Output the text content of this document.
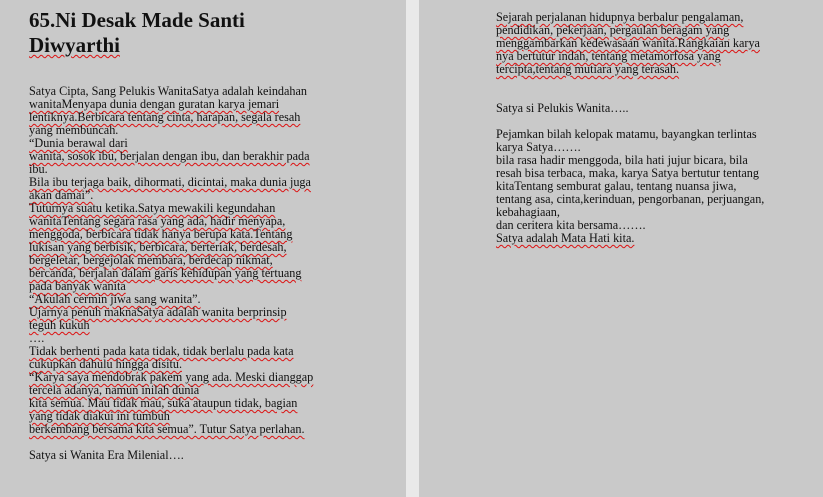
65.Ni Desak Made Santi
Diwyarthi
Satya Cipta, Sang Pelukis WanitaSatya adalah keindahan
wanitaMenyapa dunia dengan guratan karya jemari
lentiknya.Berbicara tentang cinta, harapan, segala resah
yang membuncah.
“Dunia berawal dari
wanita, sosok ibu, berjalan dengan ibu, dan berakhir pada
ibu.
Bila ibu terjaga baik, dihormati, dicintai, maka dunia juga
akan damai”.
Tuturnya suatu ketika.Satya mewakili kegundahan
wanitaTentang segara rasa yang ada, hadir menyapa,
menggoda, berbicara tidak hanya berupa kata.Tentang
lukisan yang berbisik, berbicara, berteriak, berdesah,
bergeletar, bergejolak membara, berdecap nikmat,
bercanda, berjalan dalam garis kehidupan yang tertuang
pada banyak wanita
“Akulah cermin jiwa sang wanita”.
Ujarnya penuh maknaSatya adalah wanita berprinsip
teguh kukuh
….
Tidak berhenti pada kata tidak, tidak berlalu pada kata
cukupkan dahulu hingga disitu.
“Karya saya mendobrak pakem yang ada. Meski dianggap
tercela adanya, namun inilah dunia
kita semua. Mau tidak mau, suka ataupun tidak, bagian
yang tidak diakui ini tumbuh
berkembang bersama kita semua”. Tutur Satya perlahan.
Satya si Wanita Era Milenial….
Sejarah perjalanan hidupnya berbalur pengalaman,
pendidikan, pekerjaan, pergaulan beragam yang
menggambarkan kedewasaan wanita.Rangkaian karya
nya bertutur indah, tentang metamorfosa yang
tercipta,tentang mutiara yang terasah.
Satya si Pelukis Wanita…..
Pejamkan bilah kelopak matamu, bayangkan terlintas
karya Satya…….
bila rasa hadir menggoda, bila hati jujur bicara, bila
resah bisa terbaca, maka, karya Satya bertutur tentang
kitaTentang semburat galau, tentang nuansa jiwa,
tentang asa, cinta,kerinduan, pengorbanan, perjuangan,
kebahagiaan,
dan ceritera kita bersama…….
Satya adalah Mata Hati kita.
